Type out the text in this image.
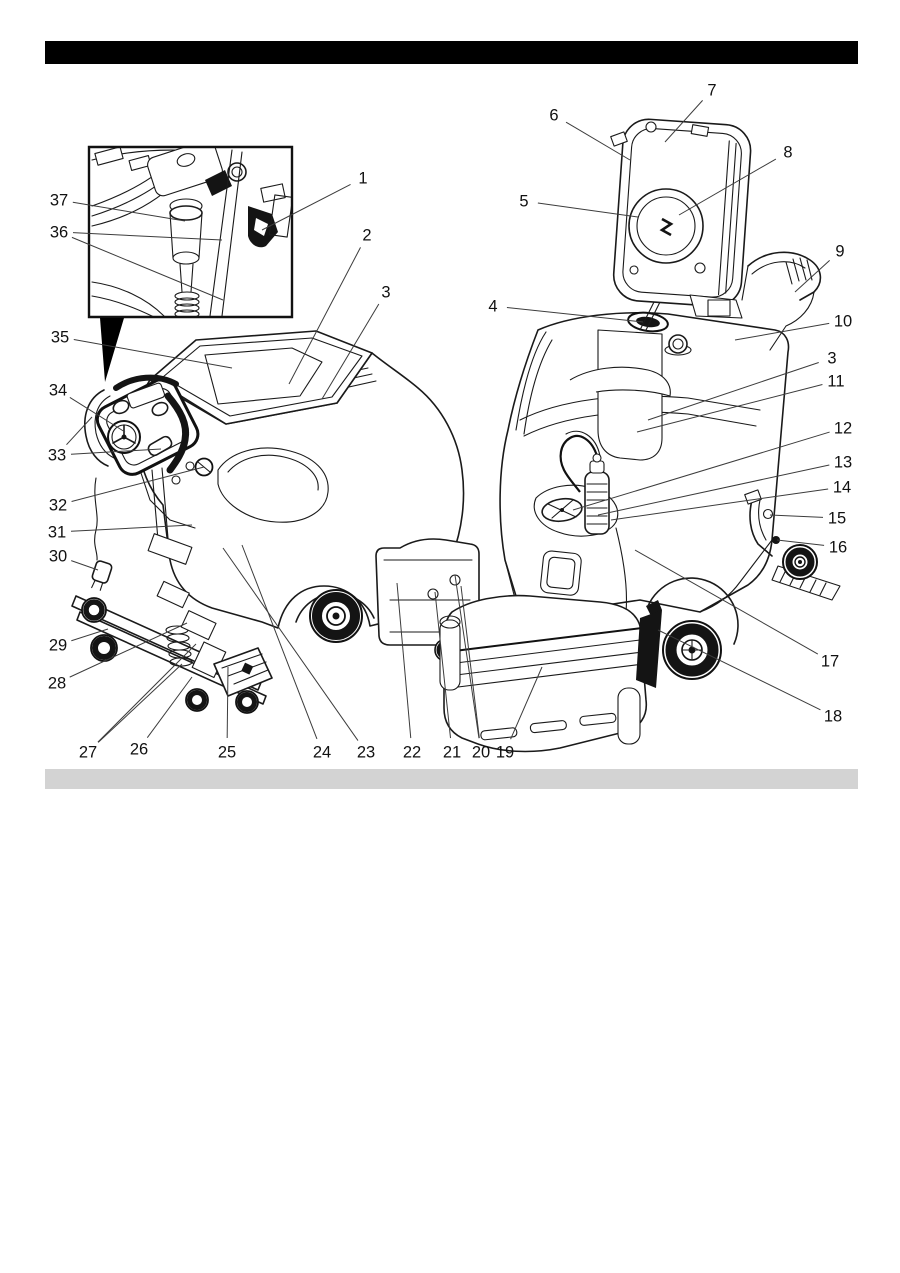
1
2
3
4
5
6
7
8
9
10
3
11
12
13
14
15
16
17
18
19
20
21
22
23
24
25
26
27
28
29
30
31
32
33
34
35
36
37
